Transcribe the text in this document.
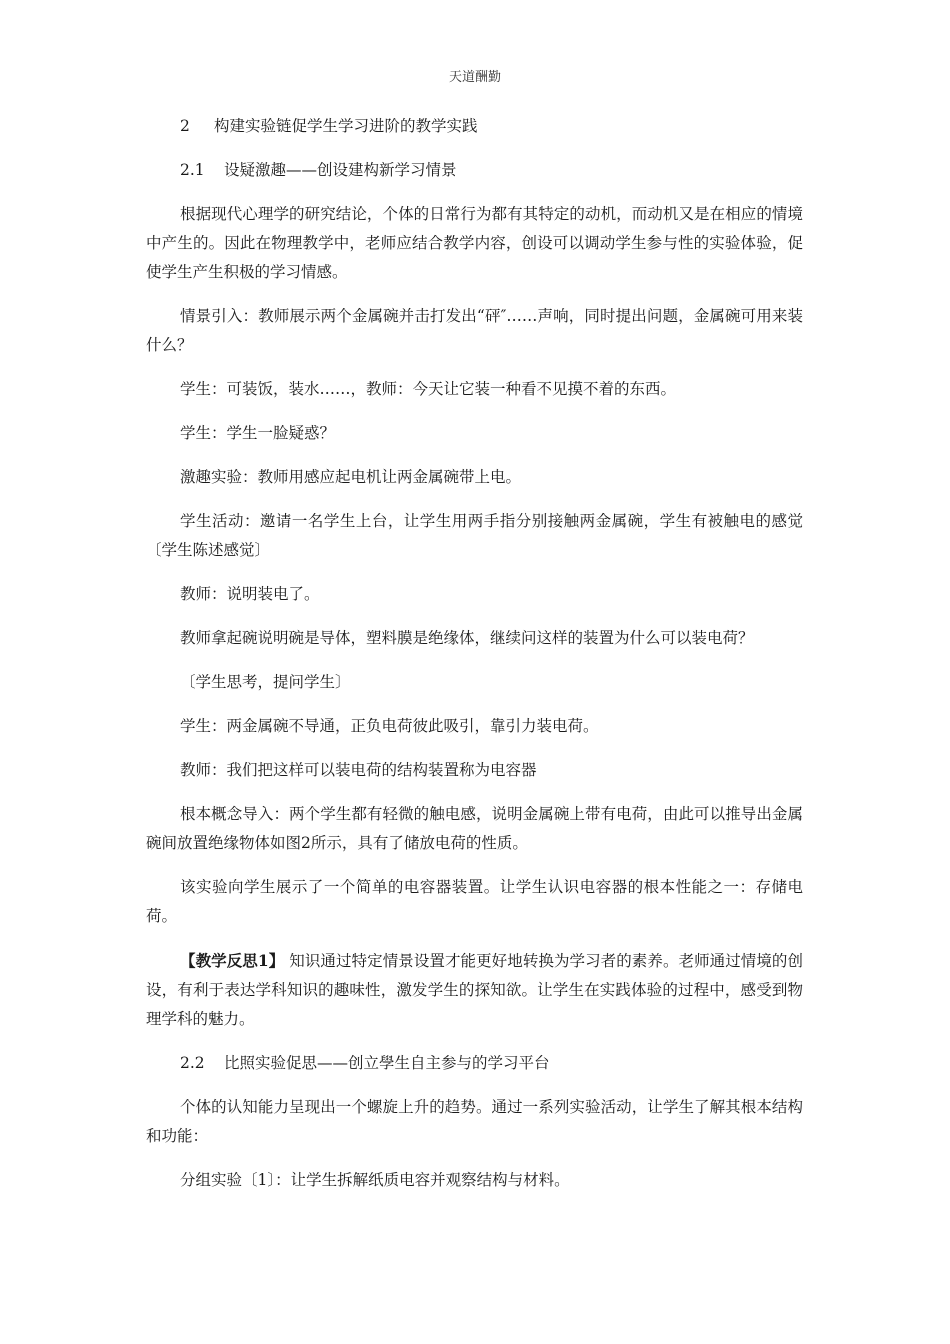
天道酬勤
2 构建实验链促学生学习进阶的教学实践
2.1 设疑激趣——创设建构新学习情景

根据现代心理学的研究结论，个体的日常行为都有其特定的动机，而动机又是在相应的情境中产生的。因此在物理教学中，老师应结合教学内容，创设可以调动学生参与性的实验体验，促使学生产生积极的学习情感。

情景引入：教师展示两个金属碗并击打发出“砰″……声响，同时提出问题，金属碗可用来装什么？

学生：可装饭，装水……，教师：今天让它装一种看不见摸不着的东西。

学生：学生一脸疑惑？

激趣实验：教师用感应起电机让两金属碗带上电。

学生活动：邀请一名学生上台，让学生用两手指分别接触两金属碗，学生有被触电的感觉〔学生陈述感觉〕

教师：说明装电了。

教师拿起碗说明碗是导体，塑料膜是绝缘体，继续问这样的装置为什么可以装电荷？

〔学生思考，提问学生〕

学生：两金属碗不导通，正负电荷彼此吸引，靠引力装电荷。

教师：我们把这样可以装电荷的结构装置称为电容器

根本概念导入：两个学生都有轻微的触电感，说明金属碗上带有电荷，由此可以推导出金属碗间放置绝缘物体如图2所示，具有了储放电荷的性质。

该实验向学生展示了一个简单的电容器装置。让学生认识电容器的根本性能之一：存储电荷。

【教学反思1】 知识通过特定情景设置才能更好地转换为学习者的素养。老师通过情境的创设，有利于表达学科知识的趣味性，激发学生的探知欲。让学生在实践体验的过程中，感受到物理学科的魅力。

2.2 比照实验促思——创立學生自主参与的学习平台

个体的认知能力呈现出一个螺旋上升的趋势。通过一系列实验活动，让学生了解其根本结构和功能：

分组实验〔1〕：让学生拆解纸质电容并观察结构与材料。
